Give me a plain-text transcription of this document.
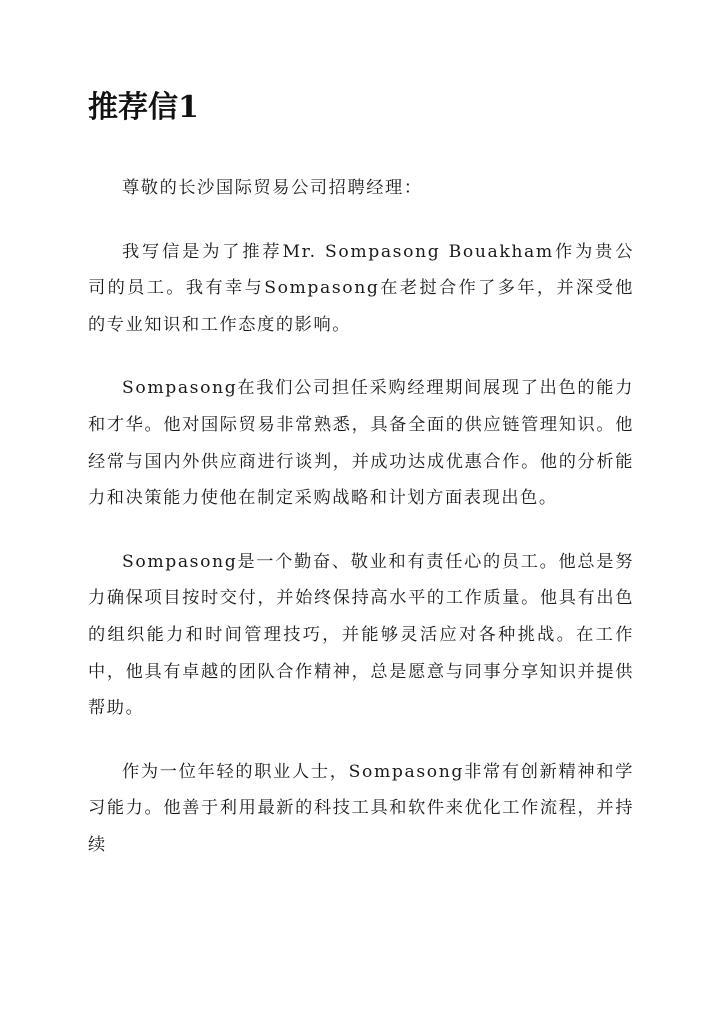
推荐信1

尊敬的长沙国际贸易公司招聘经理：

我写信是为了推荐Mr. Sompasong Bouakham作为贵公司的员工。我有幸与Sompasong在老挝合作了多年，并深受他的专业知识和工作态度的影响。

Sompasong在我们公司担任采购经理期间展现了出色的能力和才华。他对国际贸易非常熟悉，具备全面的供应链管理知识。他经常与国内外供应商进行谈判，并成功达成优惠合作。他的分析能力和决策能力使他在制定采购战略和计划方面表现出色。

Sompasong是一个勤奋、敬业和有责任心的员工。他总是努力确保项目按时交付，并始终保持高水平的工作质量。他具有出色的组织能力和时间管理技巧，并能够灵活应对各种挑战。在工作中，他具有卓越的团队合作精神，总是愿意与同事分享知识并提供帮助。

作为一位年轻的职业人士，Sompasong非常有创新精神和学习能力。他善于利用最新的科技工具和软件来优化工作流程，并持续
